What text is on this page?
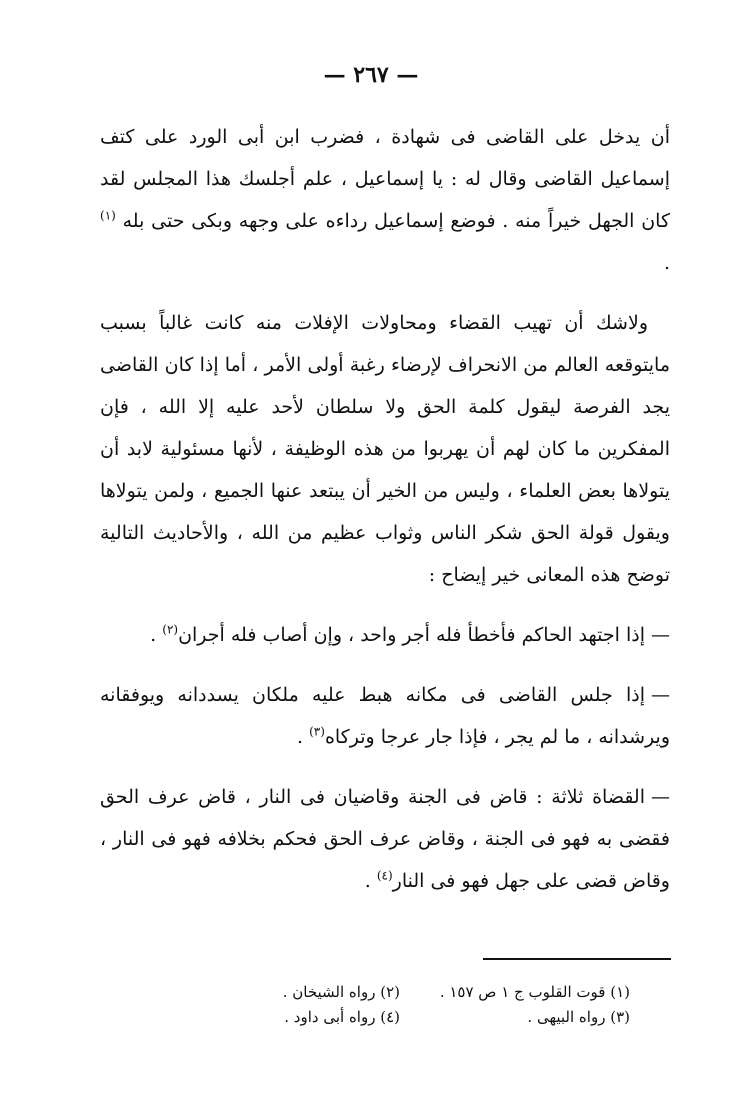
— ٢٦٧ —

أن يدخل على القاضى فى شهادة ، فضرب ابن أبى الورد على كتف إسماعيل القاضى وقال له : يا إسماعيل ، علم أجلسك هذا المجلس لقد كان الجهل خيراً منه . فوضع إسماعيل رداءه على وجهه وبكى حتى بله $^{(١)}$ .

ولاشك أن تهيب القضاء ومحاولات الإفلات منه كانت غالباً بسبب مايتوقعه العالم من الانحراف لإرضاء رغبة أولى الأمر ، أما إذا كان القاضى يجد الفرصة ليقول كلمة الحق ولا سلطان لأحد عليه إلا الله ، فإن المفكرين ما كان لهم أن يهربوا من هذه الوظيفة ، لأنها مسئولية لابد أن يتولاها بعض العلماء ، وليس من الخير أن يبتعد عنها الجميع ، ولمن يتولاها ويقول قولة الحق شكر الناس وثواب عظيم من الله ، والأحاديث التالية توضح هذه المعانى خير إيضاح :

—إذا اجتهد الحاكم فأخطأ فله أجر واحد ، وإن أصاب فله أجران$^{(٢)}$ .

—إذا جلس القاضى فى مكانه هبط عليه ملكان يسددانه ويوفقانه ويرشدانه ، ما لم يجر ، فإذا جار عرجا وتركاه$^{(٣)}$ .

—القضاة ثلاثة : قاض فى الجنة وقاضيان فى النار ، قاض عرف الحق فقضى به فهو فى الجنة ، وقاض عرف الحق فحكم بخلافه فهو فى النار ، وقاض قضى على جهل فهو فى النار$^{(٤)}$ .

(١) قوت القلوب ج ١ ص ١٥٧ .
(٢) رواه الشيخان .
(٣) رواه البيهى .
(٤) رواه أبى داود .
